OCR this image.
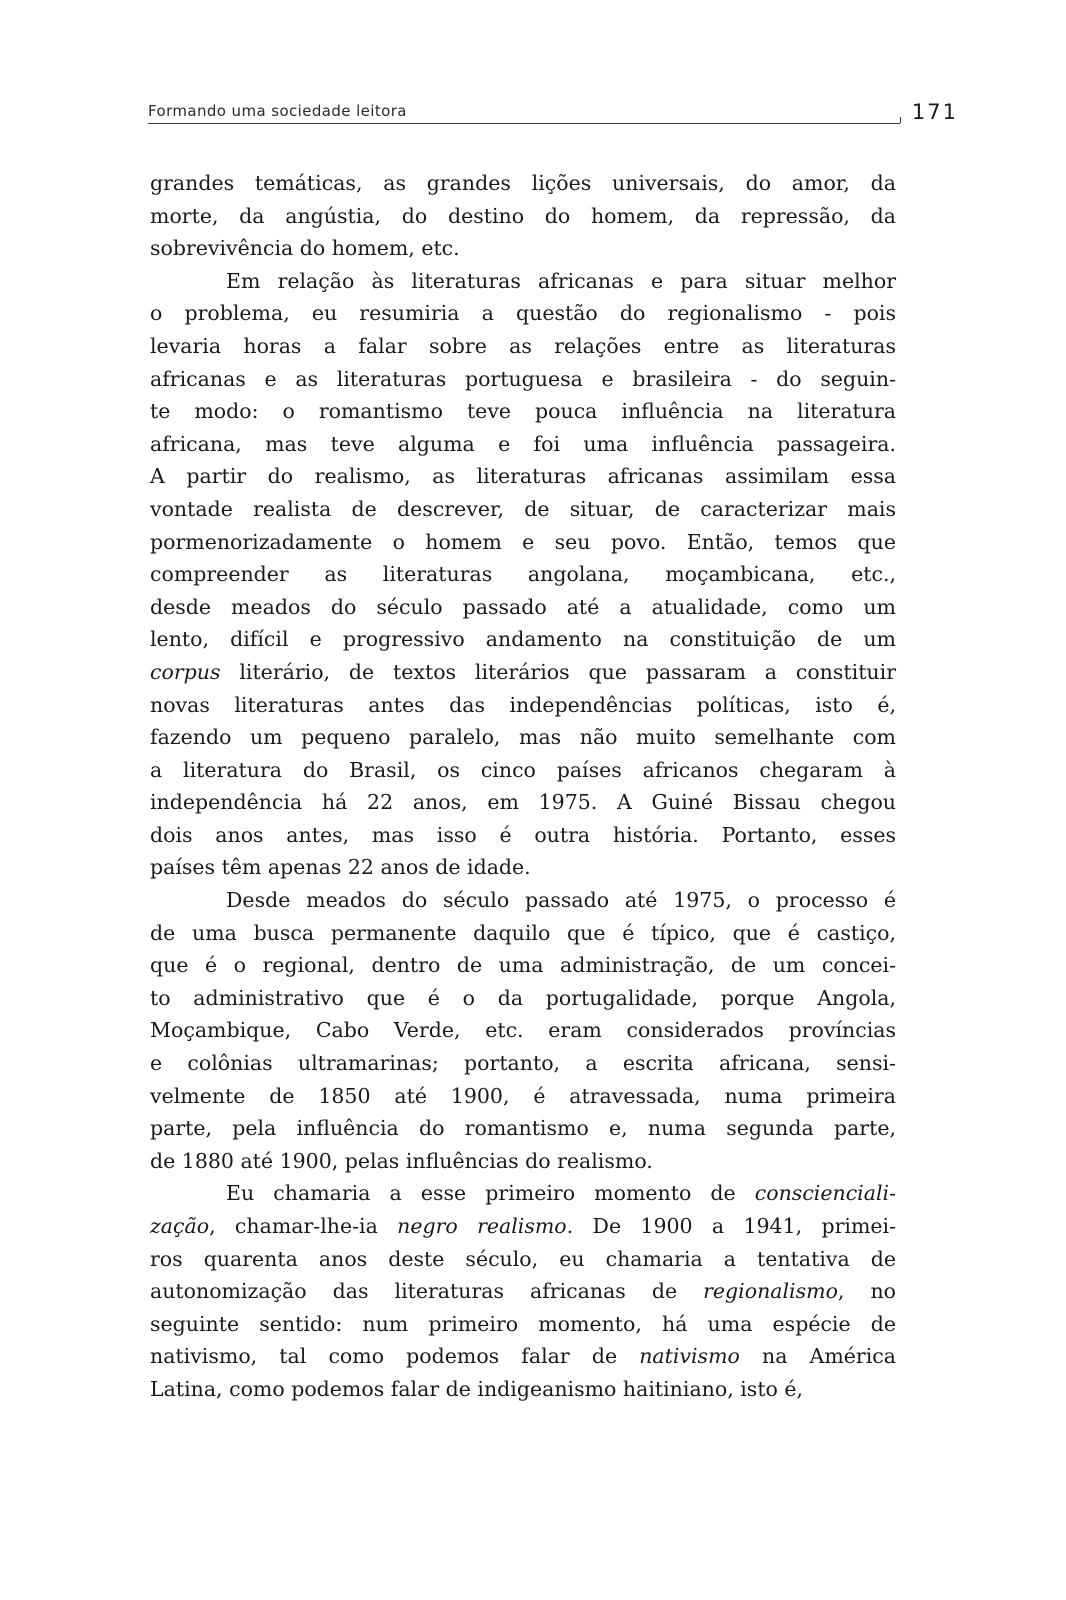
Formando uma sociedade leitora	171

grandes temáticas, as grandes lições universais, do amor, da
morte, da angústia, do destino do homem, da repressão, da
sobrevivência do homem, etc.

Em relação às literaturas africanas e para situar melhor
o problema, eu resumiria a questão do regionalismo - pois
levaria horas a falar sobre as relações entre as literaturas
africanas e as literaturas portuguesa e brasileira - do seguin-
te modo: o romantismo teve pouca influência na literatura
africana, mas teve alguma e foi uma influência passageira.
A partir do realismo, as literaturas africanas assimilam essa
vontade realista de descrever, de situar, de caracterizar mais
pormenorizadamente o homem e seu povo. Então, temos que
compreender as literaturas angolana, moçambicana, etc.,
desde meados do século passado até a atualidade, como um
lento, difícil e progressivo andamento na constituição de um
corpus literário, de textos literários que passaram a constituir
novas literaturas antes das independências políticas, isto é,
fazendo um pequeno paralelo, mas não muito semelhante com
a literatura do Brasil, os cinco países africanos chegaram à
independência há 22 anos, em 1975. A Guiné Bissau chegou
dois anos antes, mas isso é outra história. Portanto, esses
países têm apenas 22 anos de idade.

Desde meados do século passado até 1975, o processo é
de uma busca permanente daquilo que é típico, que é castiço,
que é o regional, dentro de uma administração, de um concei-
to administrativo que é o da portugalidade, porque Angola,
Moçambique, Cabo Verde, etc. eram considerados províncias
e colônias ultramarinas; portanto, a escrita africana, sensi-
velmente de 1850 até 1900, é atravessada, numa primeira
parte, pela influência do romantismo e, numa segunda parte,
de 1880 até 1900, pelas influências do realismo.

Eu chamaria a esse primeiro momento de conscienciali-
zação, chamar-lhe-ia negro realismo. De 1900 a 1941, primei-
ros quarenta anos deste século, eu chamaria a tentativa de
autonomização das literaturas africanas de regionalismo, no
seguinte sentido: num primeiro momento, há uma espécie de
nativismo, tal como podemos falar de nativismo na América
Latina, como podemos falar de indigeanismo haitiniano, isto é,
